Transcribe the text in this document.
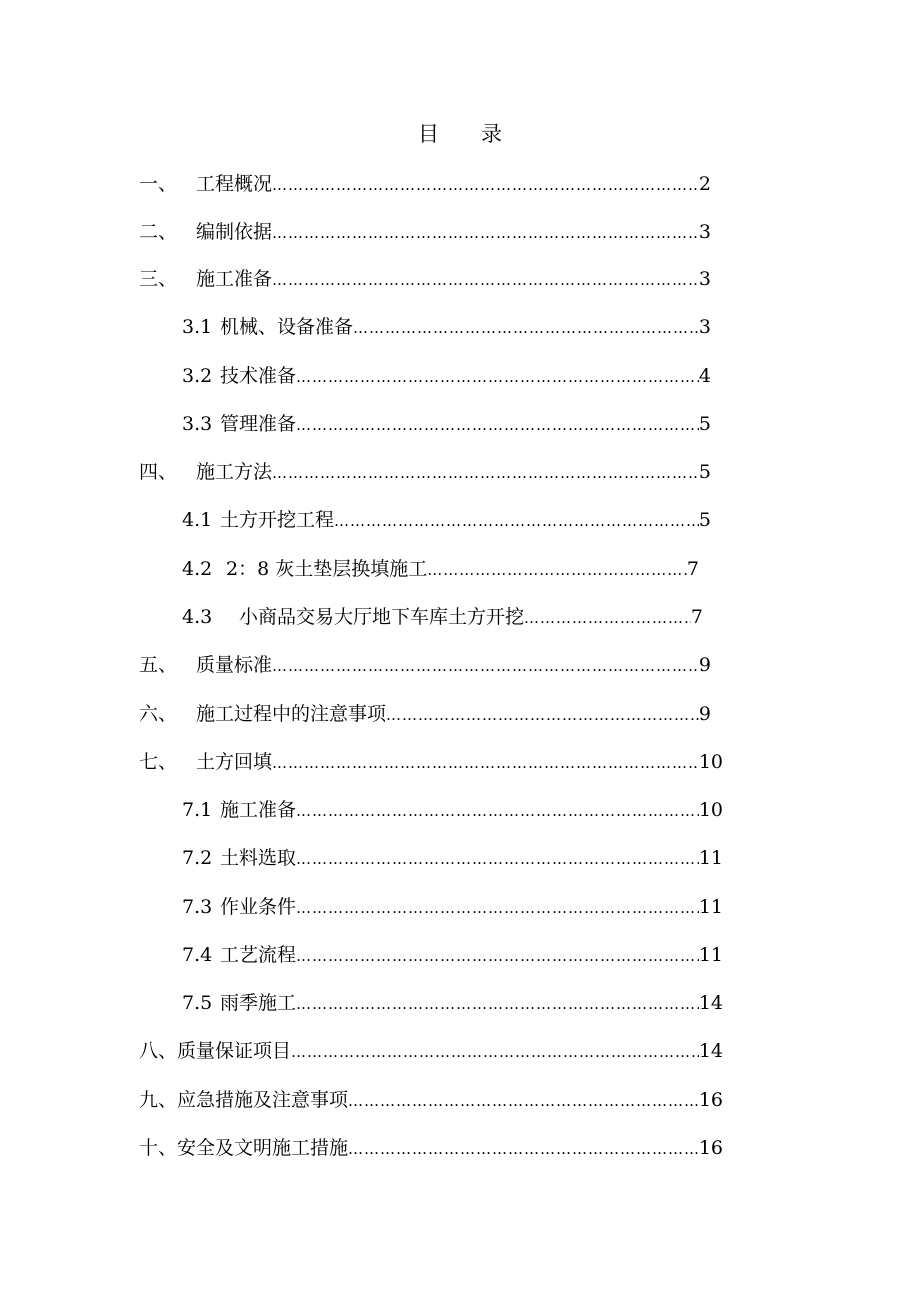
目 录
一、 工程概况 …………………………………………………………………………………………………………………………………………………………	2
二、 编制依据 …………………………………………………………………………………………………………………………………………………………	3
三、 施工准备 …………………………………………………………………………………………………………………………………………………………	3
3.1 机械、设备准备 …………………………………………………………………………………………………………………………………………………………	3
3.2 技术准备 …………………………………………………………………………………………………………………………………………………………	4
3.3 管理准备 …………………………………………………………………………………………………………………………………………………………	5
四、 施工方法 …………………………………………………………………………………………………………………………………………………………	5
4.1 土方开挖工程 …………………………………………………………………………………………………………………………………………………………	5
4.2 2：8 灰土垫层换填施工 …………………………………………………………………………………………………………………………………………………………	7
4.3 小商品交易大厅地下车库土方开挖 …………………………………………………………………………………………………………………………………………………………	7
五、 质量标准 …………………………………………………………………………………………………………………………………………………………	9
六、 施工过程中的注意事项 …………………………………………………………………………………………………………………………………………………………	9
七、 土方回填 …………………………………………………………………………………………………………………………………………………………	10
7.1 施工准备 …………………………………………………………………………………………………………………………………………………………	10
7.2 土料选取 …………………………………………………………………………………………………………………………………………………………	11
7.3 作业条件 …………………………………………………………………………………………………………………………………………………………	11
7.4 工艺流程 …………………………………………………………………………………………………………………………………………………………	11
7.5 雨季施工 …………………………………………………………………………………………………………………………………………………………	14
八、质量保证项目 …………………………………………………………………………………………………………………………………………………………	14
九、应急措施及注意事项 …………………………………………………………………………………………………………………………………………………………	16
十、安全及文明施工措施 …………………………………………………………………………………………………………………………………………………………	16
